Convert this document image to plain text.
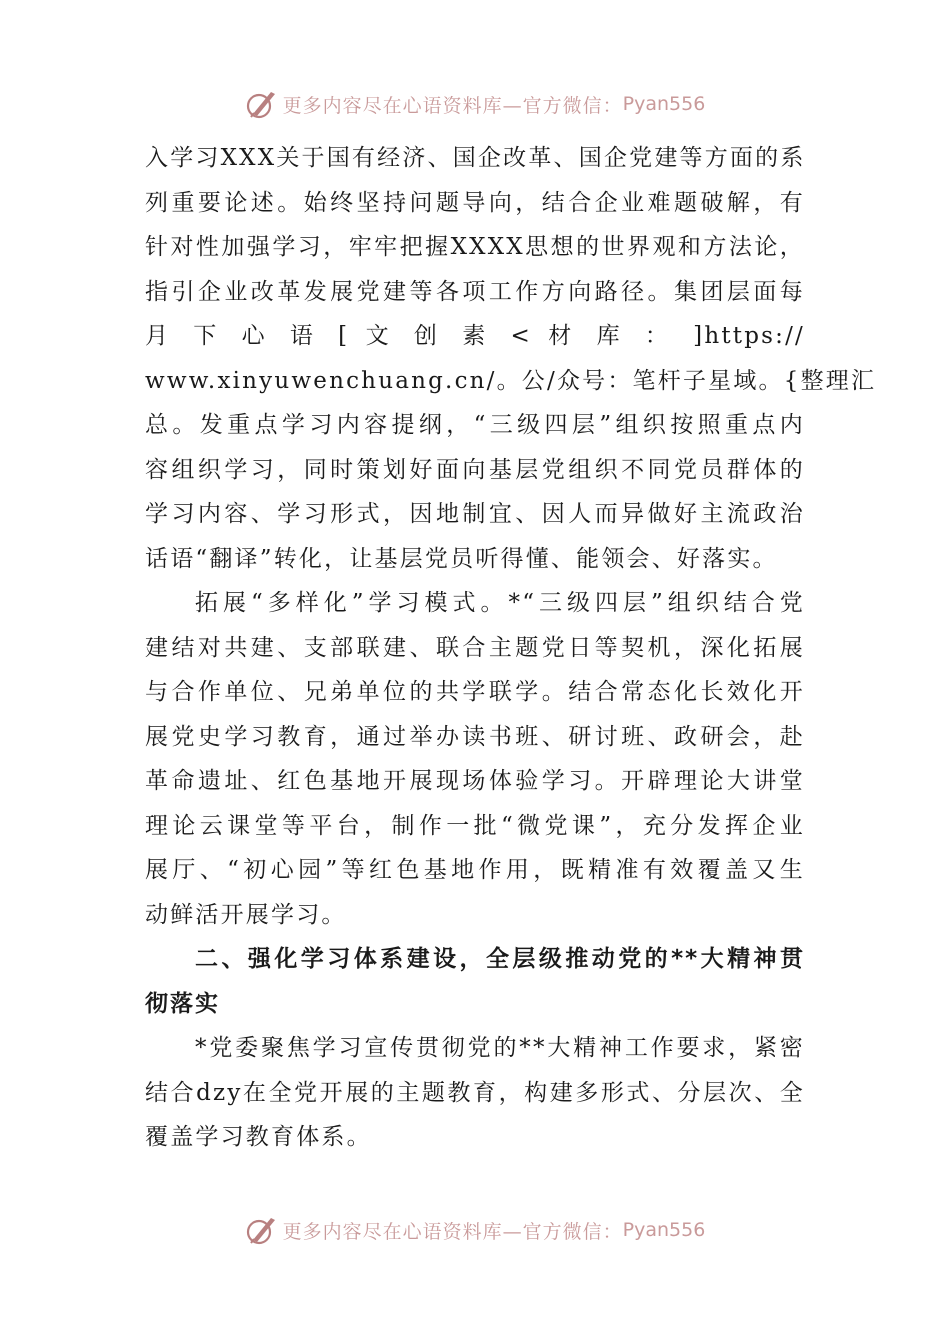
更多内容尽在心语资料库—官方微信： Pyan556

入学习XXX关于国有经济、国企改革、国企党建等方面的系
列重要论述。始终坚持问题导向，结合企业难题破解，有
针对性加强学习，牢牢把握XXXX思想的世界观和方法论，
指引企业改革发展党建等各项工作方向路径。集团层面每
月 下 心 语 [ 文 创 素 < 材 库 ： ]https://
www.xinyuwenchuang.cn/。公/众号：笔杆子星域。{整理汇
总。发重点学习内容提纲，“三级四层”组织按照重点内
容组织学习，同时策划好面向基层党组织不同党员群体的
学习内容、学习形式，因地制宜、因人而异做好主流政治
话语“翻译”转化，让基层党员听得懂、能领会、好落实。

拓展“多样化”学习模式。*“三级四层”组织结合党
建结对共建、支部联建、联合主题党日等契机，深化拓展
与合作单位、兄弟单位的共学联学。结合常态化长效化开
展党史学习教育，通过举办读书班、研讨班、政研会，赴
革命遗址、红色基地开展现场体验学习。开辟理论大讲堂
理论云课堂等平台，制作一批“微党课”，充分发挥企业
展厅、“初心园”等红色基地作用，既精准有效覆盖又生
动鲜活开展学习。

二、强化学习体系建设，全层级推动党的**大精神贯
彻落实

*党委聚焦学习宣传贯彻党的**大精神工作要求，紧密
结合dzy在全党开展的主题教育，构建多形式、分层次、全
覆盖学习教育体系。

更多内容尽在心语资料库—官方微信： Pyan556
